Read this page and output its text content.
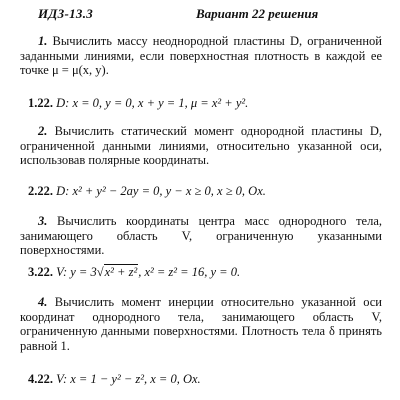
ИДЗ-13.3	Вариант 22 решения

1. Вычислить массу неоднородной пластины D, ограниченной заданными линиями, если поверхностная плотность в каждой ее точке μ = μ(x, y).

1.22. D: x = 0, y = 0, x + y = 1, μ = x² + y².

2. Вычислить статический момент однородной пластины D, ограниченной данными линиями, относительно указанной оси, использовав полярные координаты.

2.22. D: x² + y² − 2ay = 0, y − x ≥ 0, x ≥ 0, Ox.

3. Вычислить координаты центра масс однородного тела, занимающего область V, ограниченную указанными поверхностями.

3.22. V: y = 3√x² + z², x² = z² = 16, y = 0.

4. Вычислить момент инерции относительно указанной оси координат однородного тела, занимающего область V, ограниченную данными поверхностями. Плотность тела δ принять равной 1.

4.22. V: x = 1 − y² − z², x = 0, Ox.
